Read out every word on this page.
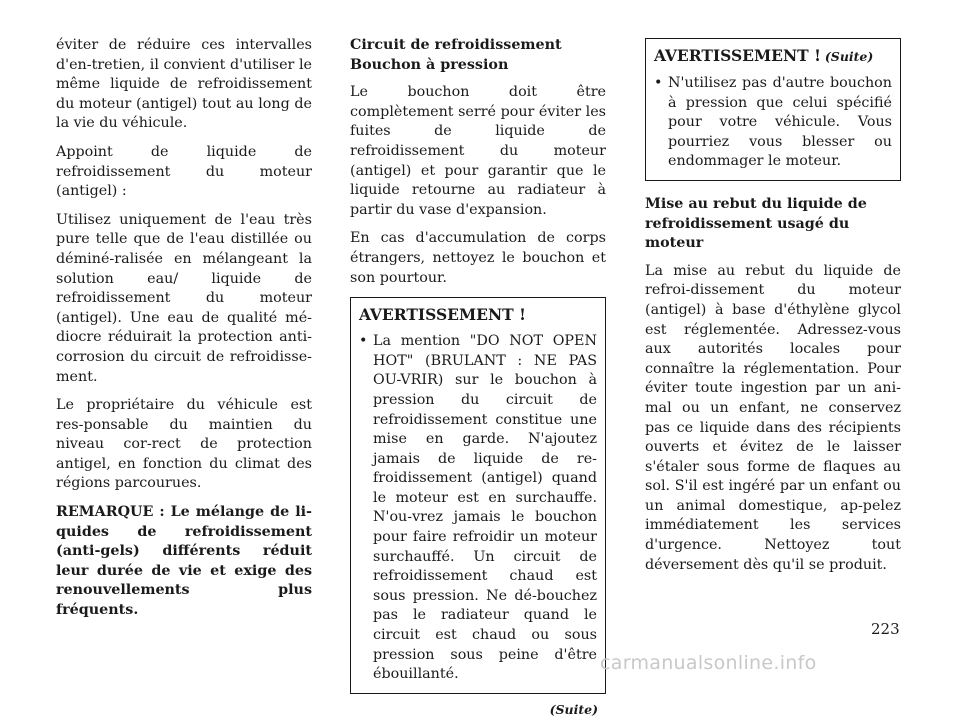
éviter de réduire ces intervalles d'en-tretien, il convient d'utiliser le même liquide de refroidissement du moteur (antigel) tout au long de la vie du véhicule.

Appoint de liquide de refroidissement du moteur (antigel) :

Utilisez uniquement de l'eau très pure telle que de l'eau distillée ou déminé-ralisée en mélangeant la solution eau/ liquide de refroidissement du moteur (antigel). Une eau de qualité mé-diocre réduirait la protection anti-corrosion du circuit de refroidisse-ment.

Le propriétaire du véhicule est res-ponsable du maintien du niveau cor-rect de protection antigel, en fonction du climat des régions parcourues.

REMARQUE : Le mélange de li-quides de refroidissement (anti-gels) différents réduit leur durée de vie et exige des renouvellements plus fréquents.

Circuit de refroidissement
Bouchon à pression

Le bouchon doit être complètement serré pour éviter les fuites de liquide de refroidissement du moteur (antigel) et pour garantir que le liquide retourne au radiateur à partir du vase d'expansion.

En cas d'accumulation de corps étrangers, nettoyez le bouchon et son pourtour.

AVERTISSEMENT !
• La mention "DO NOT OPEN HOT" (BRULANT : NE PAS OU-VRIR) sur le bouchon à pression du circuit de refroidissement constitue une mise en garde. N'ajoutez jamais de liquide de re-froidissement (antigel) quand le moteur est en surchauffe. N'ou-vrez jamais le bouchon pour faire refroidir un moteur surchauffé. Un circuit de refroidissement chaud est sous pression. Ne dé-bouchez pas le radiateur quand le circuit est chaud ou sous pression sous peine d'être ébouillanté.
(Suite)
AVERTISSEMENT ! (Suite)
• N'utilisez pas d'autre bouchon à pression que celui spécifié pour votre véhicule. Vous pourriez vous blesser ou endommager le moteur.
Mise au rebut du liquide de
refroidissement usagé du moteur

La mise au rebut du liquide de refroi-dissement du moteur (antigel) à base d'éthylène glycol est réglementée. Adressez-vous aux autorités locales pour connaître la réglementation. Pour éviter toute ingestion par un ani-mal ou un enfant, ne conservez pas ce liquide dans des récipients ouverts et évitez de le laisser s'étaler sous forme de flaques au sol. S'il est ingéré par un enfant ou un animal domestique, ap-pelez immédiatement les services d'urgence. Nettoyez tout déversement dès qu'il se produit.

223
carmanualsonline.info
